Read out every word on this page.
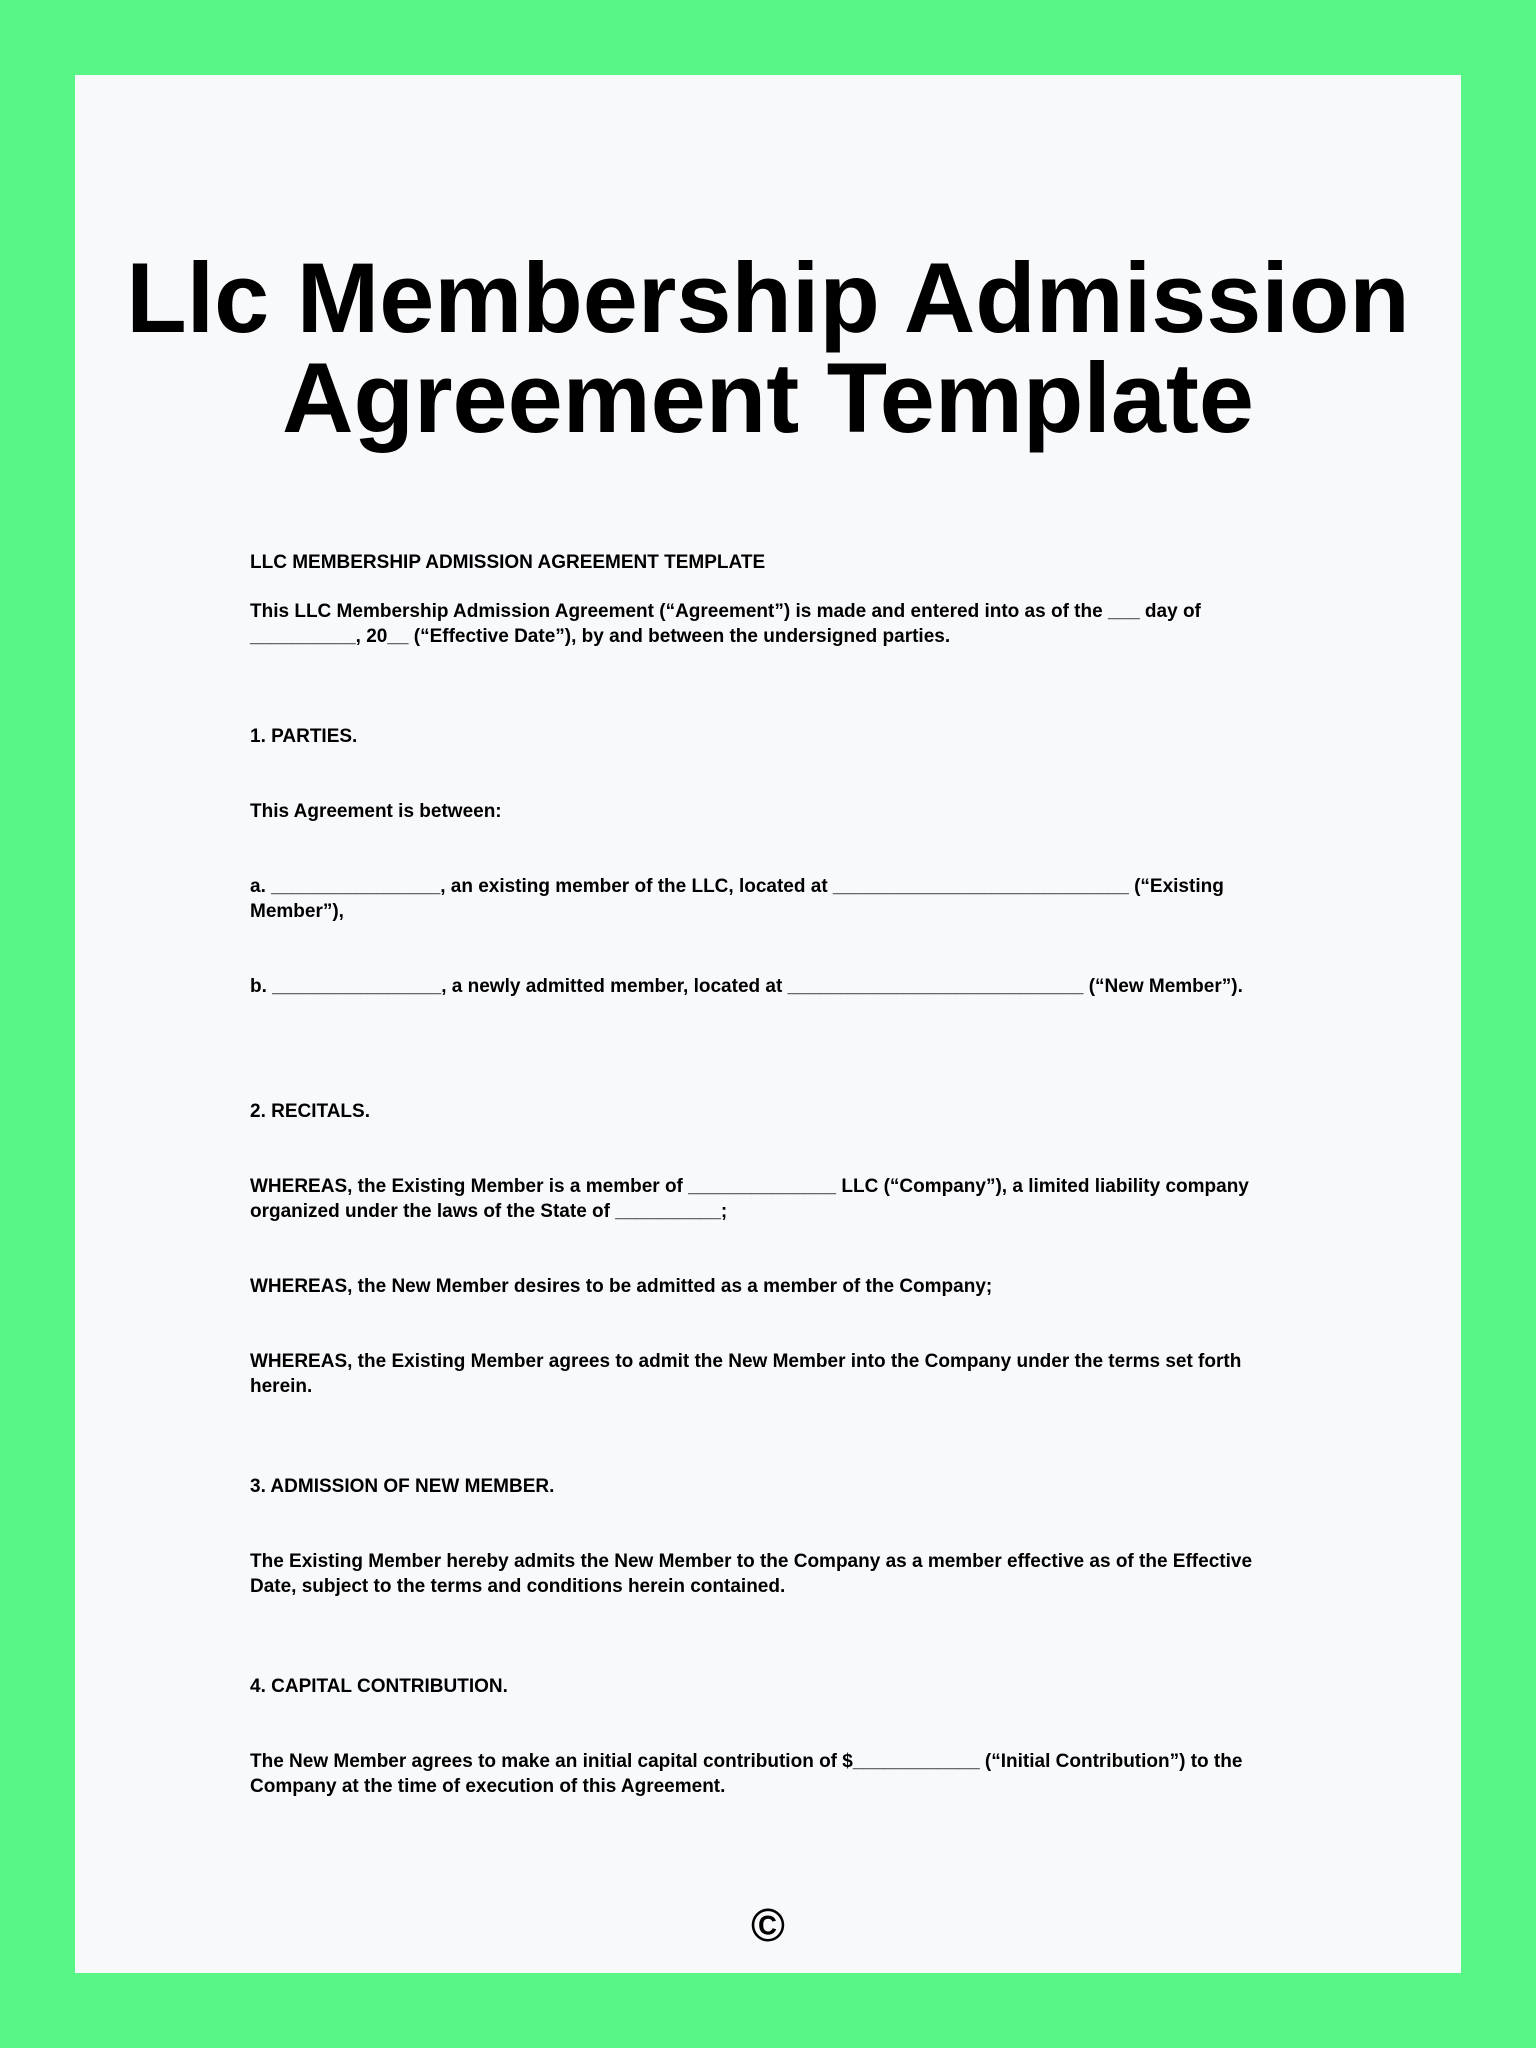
Llc Membership Admission
Agreement Template

LLC MEMBERSHIP ADMISSION AGREEMENT TEMPLATE

This LLC Membership Admission Agreement (“Agreement”) is made and entered into as of the ___ day of __________, 20__ (“Effective Date”), by and between the undersigned parties.

1. PARTIES.

This Agreement is between:

a. ________________, an existing member of the LLC, located at ____________________________ (“Existing Member”),

b. ________________, a newly admitted member, located at ____________________________ (“New Member”).

2. RECITALS.

WHEREAS, the Existing Member is a member of ______________ LLC (“Company”), a limited liability company organized under the laws of the State of __________;

WHEREAS, the New Member desires to be admitted as a member of the Company;

WHEREAS, the Existing Member agrees to admit the New Member into the Company under the terms set forth herein.

3. ADMISSION OF NEW MEMBER.

The Existing Member hereby admits the New Member to the Company as a member effective as of the Effective Date, subject to the terms and conditions herein contained.

4. CAPITAL CONTRIBUTION.

The New Member agrees to make an initial capital contribution of $____________ (“Initial Contribution”) to the Company at the time of execution of this Agreement.

©
